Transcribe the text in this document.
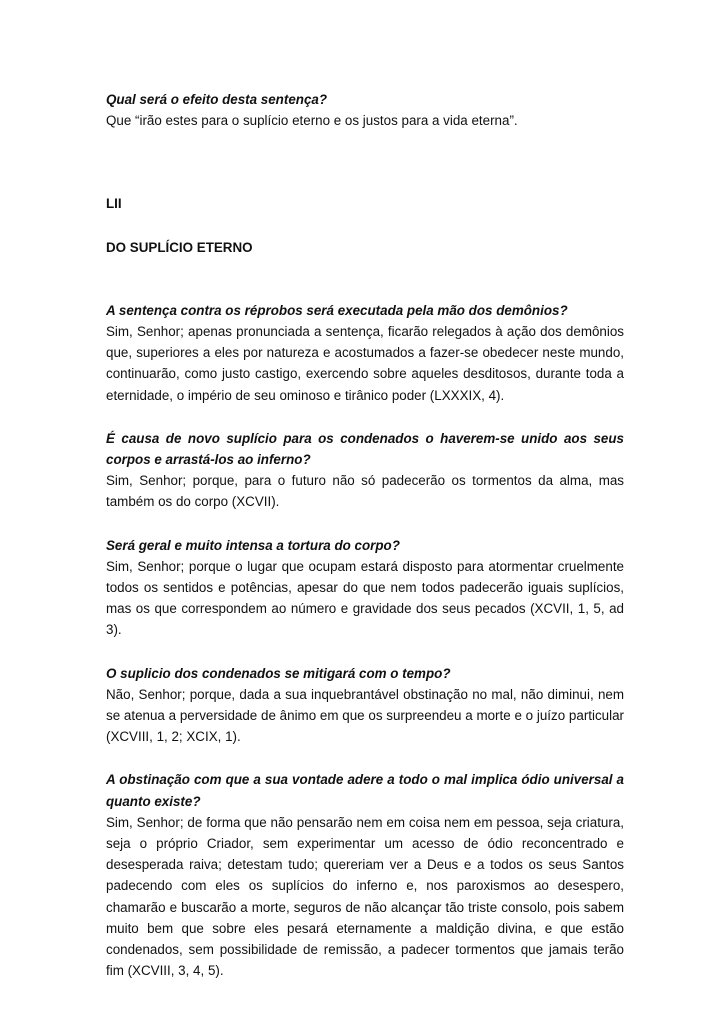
Qual será o efeito desta sentença?

Que “irão estes para o suplício eterno e os justos para a vida eterna”.

LII

DO SUPLÍCIO ETERNO

A sentença contra os réprobos será executada pela mão dos demônios?

Sim, Senhor; apenas pronunciada a sentença, ficarão relegados à ação dos demônios que, superiores a eles por natureza e acostumados a fazer-se obedecer neste mundo, continuarão, como justo castigo, exercendo sobre aqueles desditosos, durante toda a eternidade, o império de seu ominoso e tirânico poder (LXXXIX, 4).

É causa de novo suplício para os condenados o haverem-se unido aos seus corpos e arrastá-los ao inferno?

Sim, Senhor; porque, para o futuro não só padecerão os tormentos da alma, mas também os do corpo (XCVII).

Será geral e muito intensa a tortura do corpo?

Sim, Senhor; porque o lugar que ocupam estará disposto para atormentar cruelmente todos os sentidos e potências, apesar do que nem todos padecerão iguais suplícios, mas os que correspondem ao número e gravidade dos seus pecados (XCVII, 1, 5, ad 3).

O suplicio dos condenados se mitigará com o tempo?

Não, Senhor; porque, dada a sua inquebrantável obstinação no mal, não diminui, nem se atenua a perversidade de ânimo em que os surpreendeu a morte e o juízo particular (XCVIII, 1, 2; XCIX, 1).

A obstinação com que a sua vontade adere a todo o mal implica ódio universal a quanto existe?

Sim, Senhor; de forma que não pensarão nem em coisa nem em pessoa, seja criatura, seja o próprio Criador, sem experimentar um acesso de ódio reconcentrado e desesperada raiva; detestam tudo; quereriam ver a Deus e a todos os seus Santos padecendo com eles os suplícios do inferno e, nos paroxismos ao desespero, chamarão e buscarão a morte, seguros de não alcançar tão triste consolo, pois sabem muito bem que sobre eles pesará eternamente a maldição divina, e que estão condenados, sem possibilidade de remissão, a padecer tormentos que jamais terão fim (XCVIII, 3, 4, 5).
